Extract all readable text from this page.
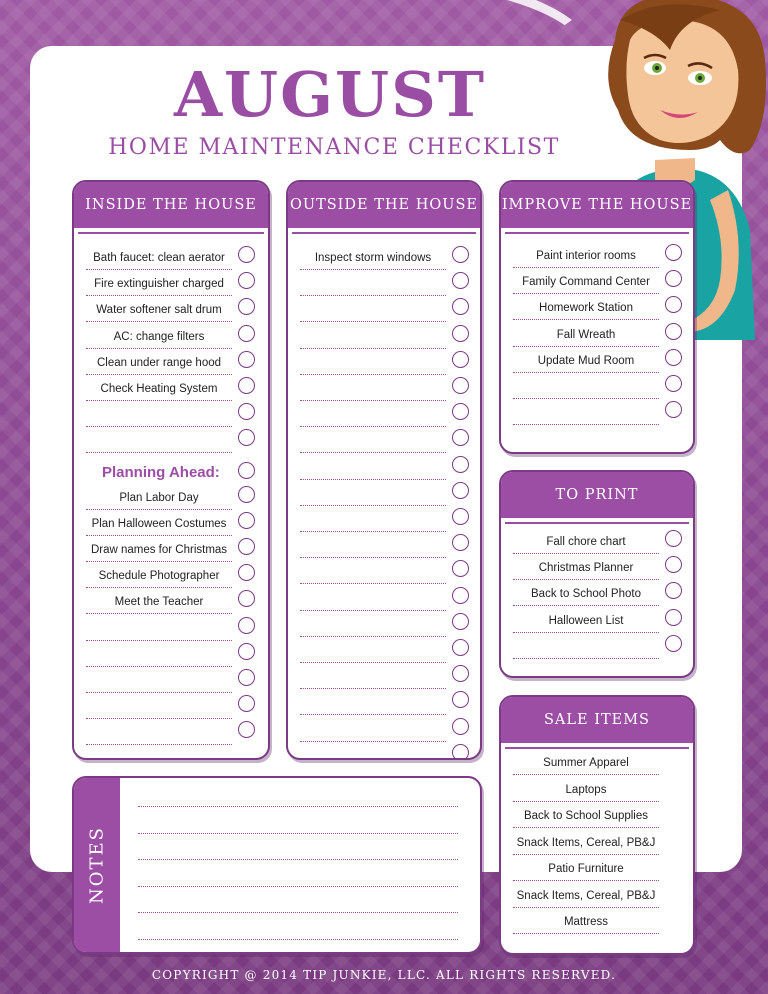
AUGUST
HOME MAINTENANCE CHECKLIST
INSIDE THE HOUSE
Bath faucet: clean aerator
Fire extinguisher charged
Water softener salt drum
AC: change filters
Clean under range hood
Check Heating System
Planning Ahead:
Plan Labor Day
Plan Halloween Costumes
Draw names for Christmas
Schedule Photographer
Meet the Teacher
OUTSIDE THE HOUSE
Inspect storm windows
IMPROVE THE HOUSE
Paint interior rooms
Family Command Center
Homework Station
Fall Wreath
Update Mud Room
TO PRINT
Fall chore chart
Christmas Planner
Back to School Photo
Halloween List
SALE ITEMS
Summer Apparel
Laptops
Back to School Supplies
Snack Items, Cereal, PB&J
Patio Furniture
Snack Items, Cereal, PB&J
Mattress
NOTES
COPYRIGHT @ 2014 TIP JUNKIE, LLC. ALL RIGHTS RESERVED.
